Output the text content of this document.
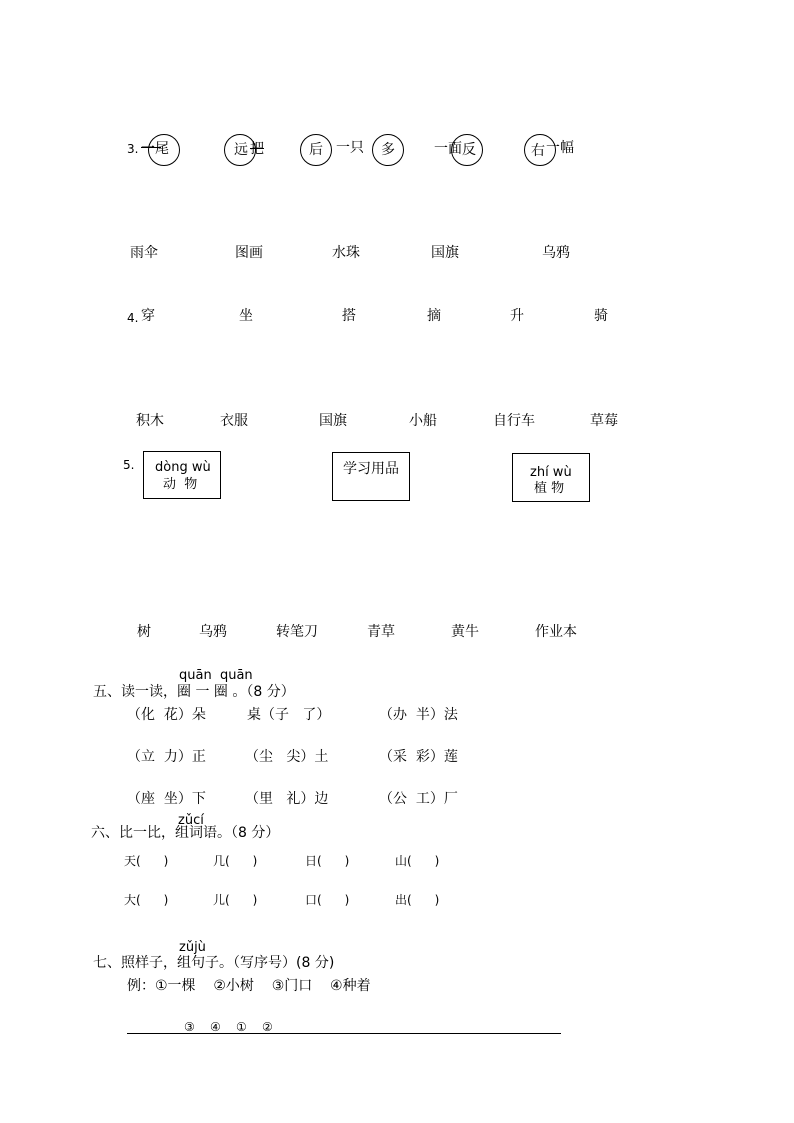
3. 一尾	远 把	后 一只 多	一面 反	右 一幅
雨伞	图画	水珠	国旗	乌鸦
4. 穿	坐	搭	摘	升	骑
积木	衣服	国旗	小船	自行车	草莓
5. dòng wù
动  物
学习用品	zhí wù
植 物
树	乌鸦	转笔刀	青草	黄牛	作业本
quān  quān
五、读一读，圈 一 圈 。（8 分）
（化  花）朵	桌（子   了）	（办  半）法
（立  力）正	（尘   尖）土	（采  彩）莲
（座  坐）下	（里   礼）边	（公  工）厂
zǔcí
六、比一比，组词语。（8 分）
天(      )	几(      )	日(      )	山(      )
大(      )	儿(      )	口(      )	出(      )
zǔjù
七、照样子，组句子。（写序号）(8 分)
例：①一棵    ②小树    ③门口    ④种着
③    ④    ①    ②
